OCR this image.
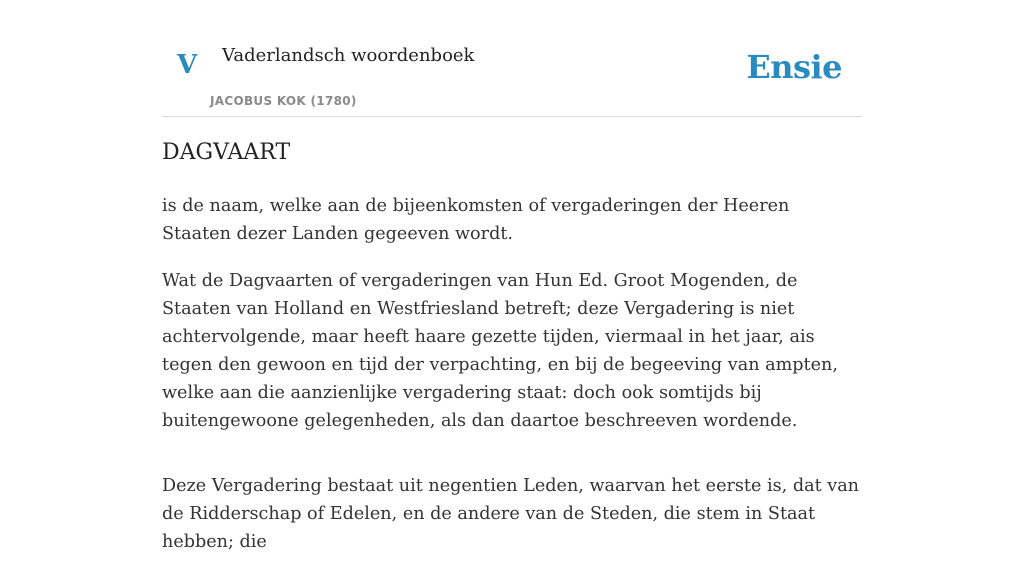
V Vaderlandsch woordenboek
JACOBUS KOK (1780)
Ensie
DAGVAART

is de naam, welke aan de bijeenkomsten of vergaderingen der Heeren Staaten dezer Landen gegeeven wordt.

Wat de Dagvaarten of vergaderingen van Hun Ed. Groot Mogenden, de Staaten van Holland en Westfriesland betreft; deze Vergadering is niet achtervolgende, maar heeft haare gezette tijden, viermaal in het jaar, ais tegen den gewoon en tijd der verpachting, en bij de begeeving van ampten, welke aan die aanzienlijke vergadering staat: doch ook somtijds bij buitengewoone gelegenheden, als dan daartoe beschreeven wordende.

Deze Vergadering bestaat uit negentien Leden, waarvan het eerste is, dat van de Ridderschap of Edelen, en de andere van de Steden, die stem in Staat hebben; die
